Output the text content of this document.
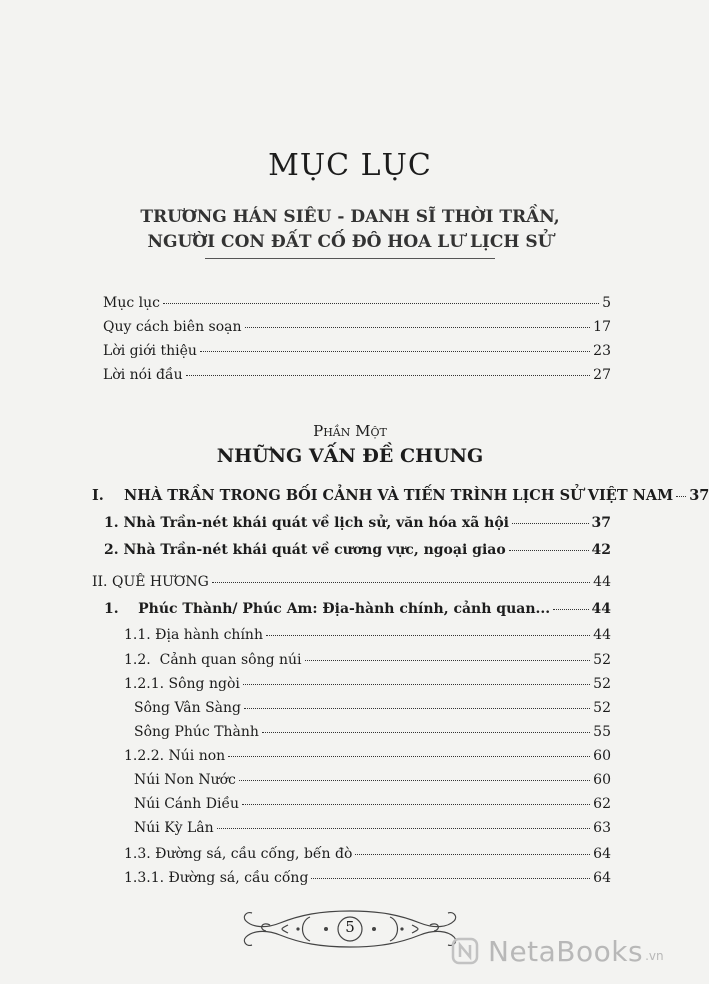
MỤC LỤC
TRƯƠNG HÁN SIÊU - DANH SĨ THỜI TRẦN,
NGƯỜI CON ĐẤT CỐ ĐÔ HOA LƯ LỊCH SỬ
Mục lục	5
Quy cách biên soạn	17
Lời giới thiệu	23
Lời nói đầu	27
Phần Một
NHỮNG VẤN ĐỀ CHUNG
I.    NHÀ TRẦN TRONG BỐI CẢNH VÀ TIẾN TRÌNH LỊCH SỬ VIỆT NAM 37
1. Nhà Trần-nét khái quát về lịch sử, văn hóa xã hội	37
2. Nhà Trần-nét khái quát về cương vực, ngoại giao	42
II. QUÊ HƯƠNG	44
1.    Phúc Thành/ Phúc Am: Địa-hành chính, cảnh quan...	44
1.1. Địa hành chính	44
1.2.  Cảnh quan sông núi	52
1.2.1. Sông ngòi	52
Sông Vân Sàng	52
Sông Phúc Thành	55
1.2.2. Núi non	60
Núi Non Nước	60
Núi Cánh Diều	62
Núi Kỳ Lân	63
1.3. Đường sá, cầu cống, bến đò	64
1.3.1. Đường sá, cầu cống	64
5
NetaBooks .vn
